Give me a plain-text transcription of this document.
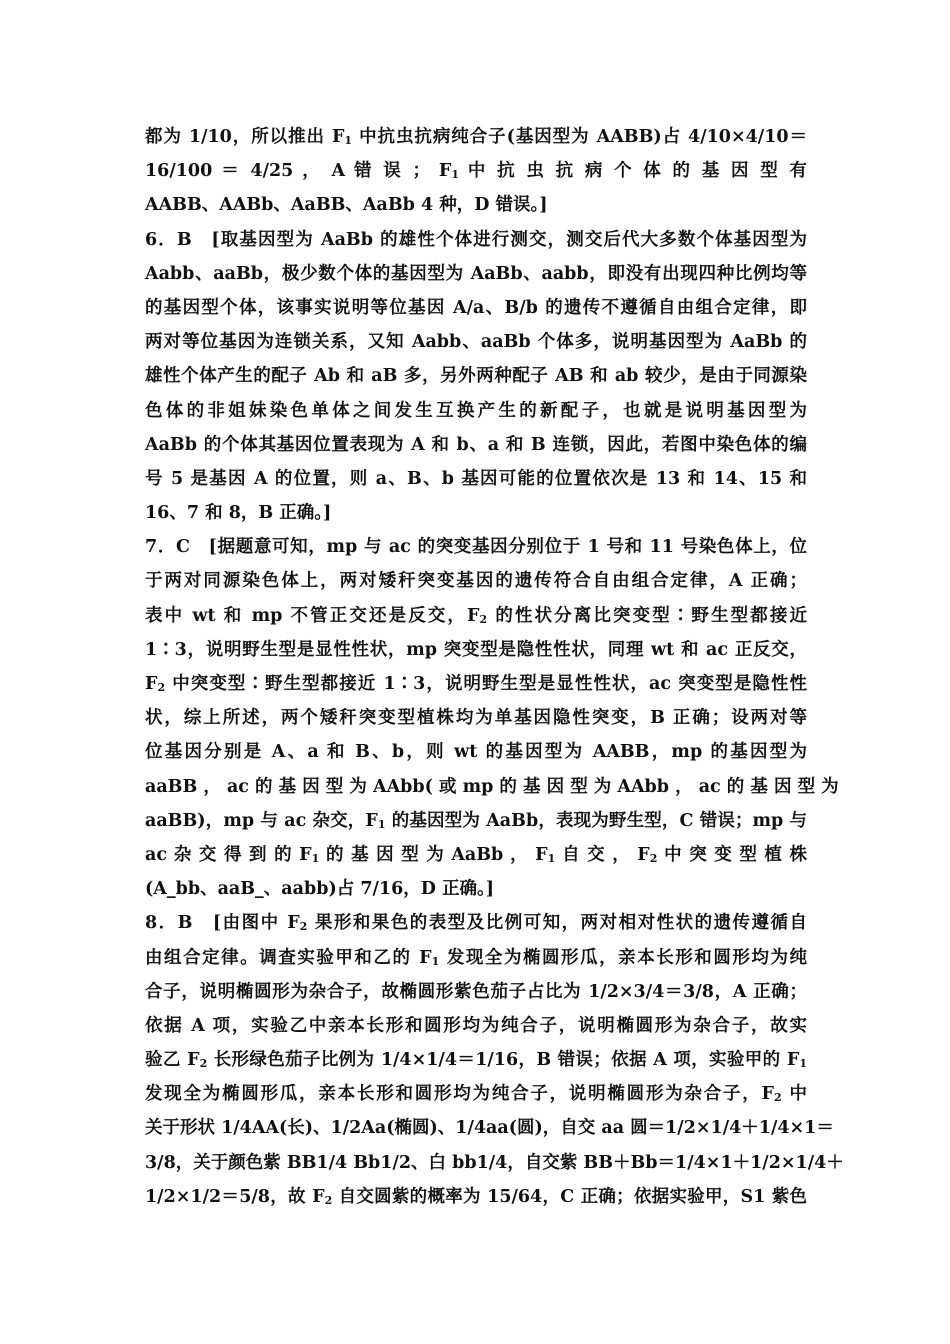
都为 1/10，所以推出 $F_1$ 中抗虫抗病纯合子(基因型为 AABB)占 4/10×4/10＝
16/100 ＝ 4/25 ， A 错 误 ； $F_1$ 中 抗 虫 抗 病 个 体 的 基 因 型 有
AABB、AABb、AaBB、AaBb 4 种，D 错误。]
6．B　[取基因型为 AaBb 的雄性个体进行测交，测交后代大多数个体基因型为
Aabb、aaBb，极少数个体的基因型为 AaBb、aabb，即没有出现四种比例均等
的基因型个体，该事实说明等位基因 A/a、B/b 的遗传不遵循自由组合定律，即
两对等位基因为连锁关系，又知 Aabb、aaBb 个体多，说明基因型为 AaBb 的
雄性个体产生的配子 Ab 和 aB 多，另外两种配子 AB 和 ab 较少，是由于同源染
色体的非姐妹染色单体之间发生互换产生的新配子，也就是说明基因型为
AaBb 的个体其基因位置表现为 A 和 b、a 和 B 连锁，因此，若图中染色体的编
号 5 是基因 A 的位置，则 a、B、b 基因可能的位置依次是 13 和 14、15 和
16、7 和 8，B 正确。]
7．C　[据题意可知，mp 与 ac 的突变基因分别位于 1 号和 11 号染色体上，位
于两对同源染色体上，两对矮秆突变基因的遗传符合自由组合定律，A 正确；
表中 wt 和 mp 不管正交还是反交，$F_2$ 的性状分离比突变型∶野生型都接近
1∶3，说明野生型是显性性状，mp 突变型是隐性性状，同理 wt 和 ac 正反交，
$F_2$ 中突变型∶野生型都接近 1∶3，说明野生型是显性性状，ac 突变型是隐性性
状，综上所述，两个矮秆突变型植株均为单基因隐性突变，B 正确；设两对等
位基因分别是 A、a 和 B、b，则 wt 的基因型为 AABB，mp 的基因型为
aaBB ， ac 的 基 因 型 为 AAbb( 或 mp 的 基 因 型 为 AAbb ， ac 的 基 因 型 为
aaBB)，mp 与 ac 杂交，$F_1$ 的基因型为 AaBb，表现为野生型，C 错误；mp 与
ac 杂 交 得 到 的 $F_1$ 的 基 因 型 为 AaBb ， $F_1$ 自 交 ， $F_2$ 中 突 变 型 植 株
(A_bb、aaB_、aabb)占 7/16，D 正确。]
8．B　[由图中 $F_2$ 果形和果色的表型及比例可知，两对相对性状的遗传遵循自
由组合定律。调查实验甲和乙的 $F_1$ 发现全为椭圆形瓜，亲本长形和圆形均为纯
合子，说明椭圆形为杂合子，故椭圆形紫色茄子占比为 1/2×3/4＝3/8，A 正确；
依据 A 项，实验乙中亲本长形和圆形均为纯合子，说明椭圆形为杂合子，故实
验乙 $F_2$ 长形绿色茄子比例为 1/4×1/4＝1/16，B 错误；依据 A 项，实验甲的 $F_1$
发现全为椭圆形瓜，亲本长形和圆形均为纯合子，说明椭圆形为杂合子，$F_2$ 中
关于形状 1/4AA(长)、1/2Aa(椭圆)、1/4aa(圆)，自交 aa 圆＝1/2×1/4＋1/4×1＝
3/8，关于颜色紫 BB1/4 Bb1/2、白 bb1/4，自交紫 BB＋Bb＝1/4×1＋1/2×1/4＋
1/2×1/2＝5/8，故 $F_2$ 自交圆紫的概率为 15/64，C 正确；依据实验甲，S1 紫色
